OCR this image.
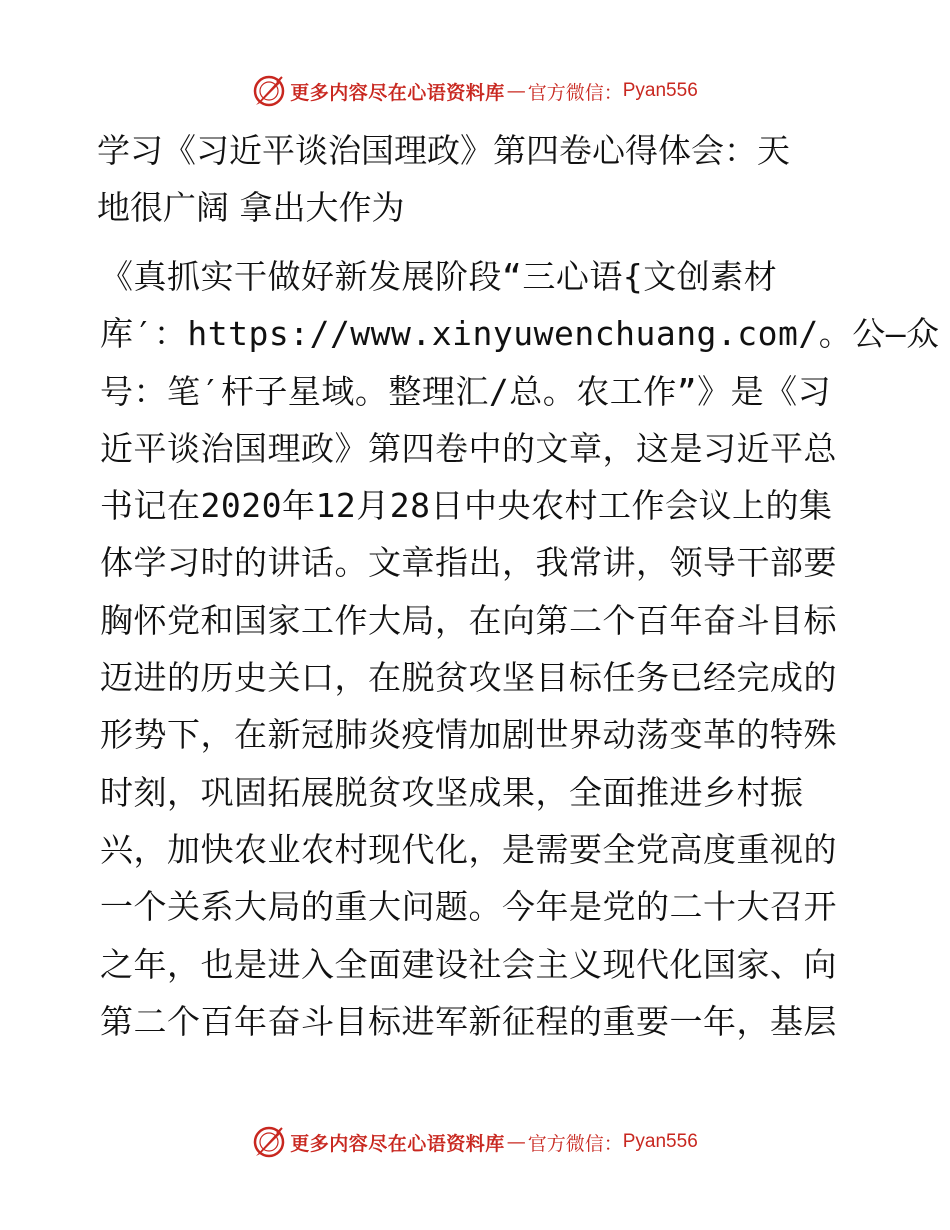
更多内容尽在心语资料库 — 官方微信： Pyan556
学习《习近平谈治国理政》第四卷心得体会：天
地很广阔 拿出大作为
《真抓实干做好新发展阶段“三心语{文创素材
库′：https://www.xinyuwenchuang.com/。公—众
号：笔′杆子星域。整理汇/总。农工作”》是《习
近平谈治国理政》第四卷中的文章，这是习近平总
书记在2020年12月28日中央农村工作会议上的集
体学习时的讲话。文章指出，我常讲，领导干部要
胸怀党和国家工作大局，在向第二个百年奋斗目标
迈进的历史关口，在脱贫攻坚目标任务已经完成的
形势下，在新冠肺炎疫情加剧世界动荡变革的特殊
时刻，巩固拓展脱贫攻坚成果，全面推进乡村振
兴，加快农业农村现代化，是需要全党高度重视的
一个关系大局的重大问题。今年是党的二十大召开
之年，也是进入全面建设社会主义现代化国家、向
第二个百年奋斗目标进军新征程的重要一年，基层
更多内容尽在心语资料库 — 官方微信： Pyan556
